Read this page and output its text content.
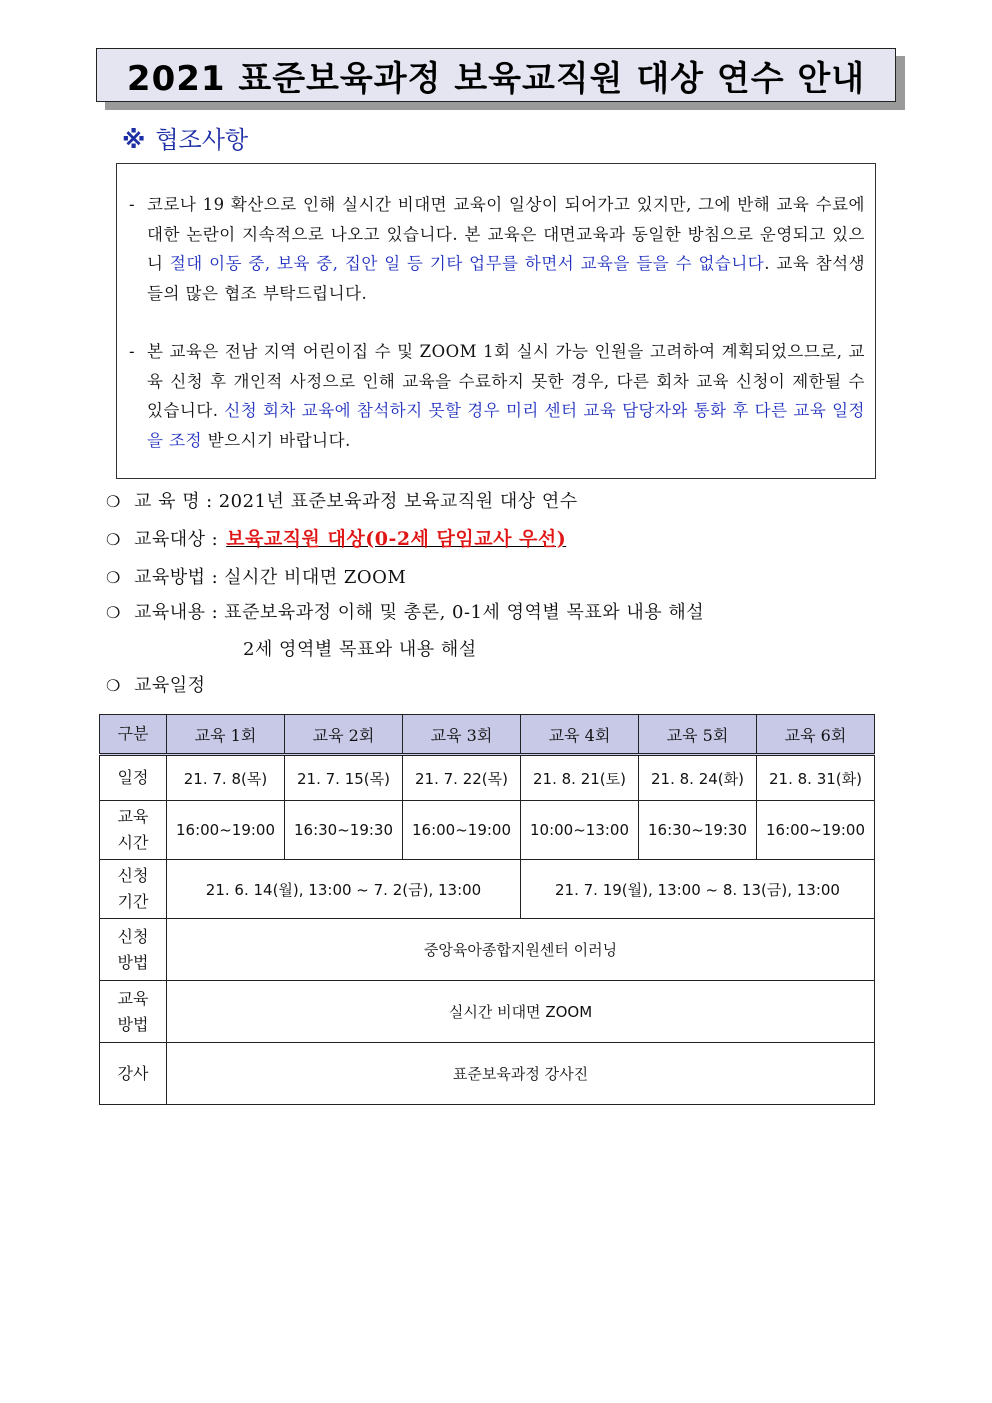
2021 표준보육과정 보육교직원 대상 연수 안내
※ 협조사항
- 코로나 19 확산으로 인해 실시간 비대면 교육이 일상이 되어가고 있지만, 그에 반해 교육 수료에 대한 논란이 지속적으로 나오고 있습니다. 본 교육은 대면교육과 동일한 방침으로 운영되고 있으니 절대 이동 중, 보육 중, 집안 일 등 기타 업무를 하면서 교육을 들을 수 없습니다. 교육 참석생들의 많은 협조 부탁드립니다.
- 본 교육은 전남 지역 어린이집 수 및 ZOOM 1회 실시 가능 인원을 고려하여 계획되었으므로, 교육 신청 후 개인적 사정으로 인해 교육을 수료하지 못한 경우, 다른 회차 교육 신청이 제한될 수 있습니다. 신청 회차 교육에 참석하지 못할 경우 미리 센터 교육 담당자와 통화 후 다른 교육 일정을 조정 받으시기 바랍니다.
❍ 교 육 명 : 2021년 표준보육과정 보육교직원 대상 연수
❍ 교육대상 : 보육교직원 대상(0-2세 담임교사 우선)
❍ 교육방법 : 실시간 비대면 ZOOM
❍ 교육내용 : 표준보육과정 이해 및 총론, 0-1세 영역별 목표와 내용 해설
2세 영역별 목표와 내용 해설
❍ 교육일정
구분	교육 1회	교육 2회	교육 3회	교육 4회	교육 5회	교육 6회
일정	21. 7. 8(목)	21. 7. 15(목)	21. 7. 22(목)	21. 8. 21(토)	21. 8. 24(화)	21. 8. 31(화)
교육
시간	16:00~19:00	16:30~19:30	16:00~19:00	10:00~13:00	16:30~19:30	16:00~19:00
신청
기간	21. 6. 14(월), 13:00 ~ 7. 2(금), 13:00			21. 7. 19(월), 13:00 ~ 8. 13(금), 13:00		
신청
방법	중앙육아종합지원센터 이러닝					
교육
방법	실시간 비대면 ZOOM					
강사	표준보육과정 강사진					
